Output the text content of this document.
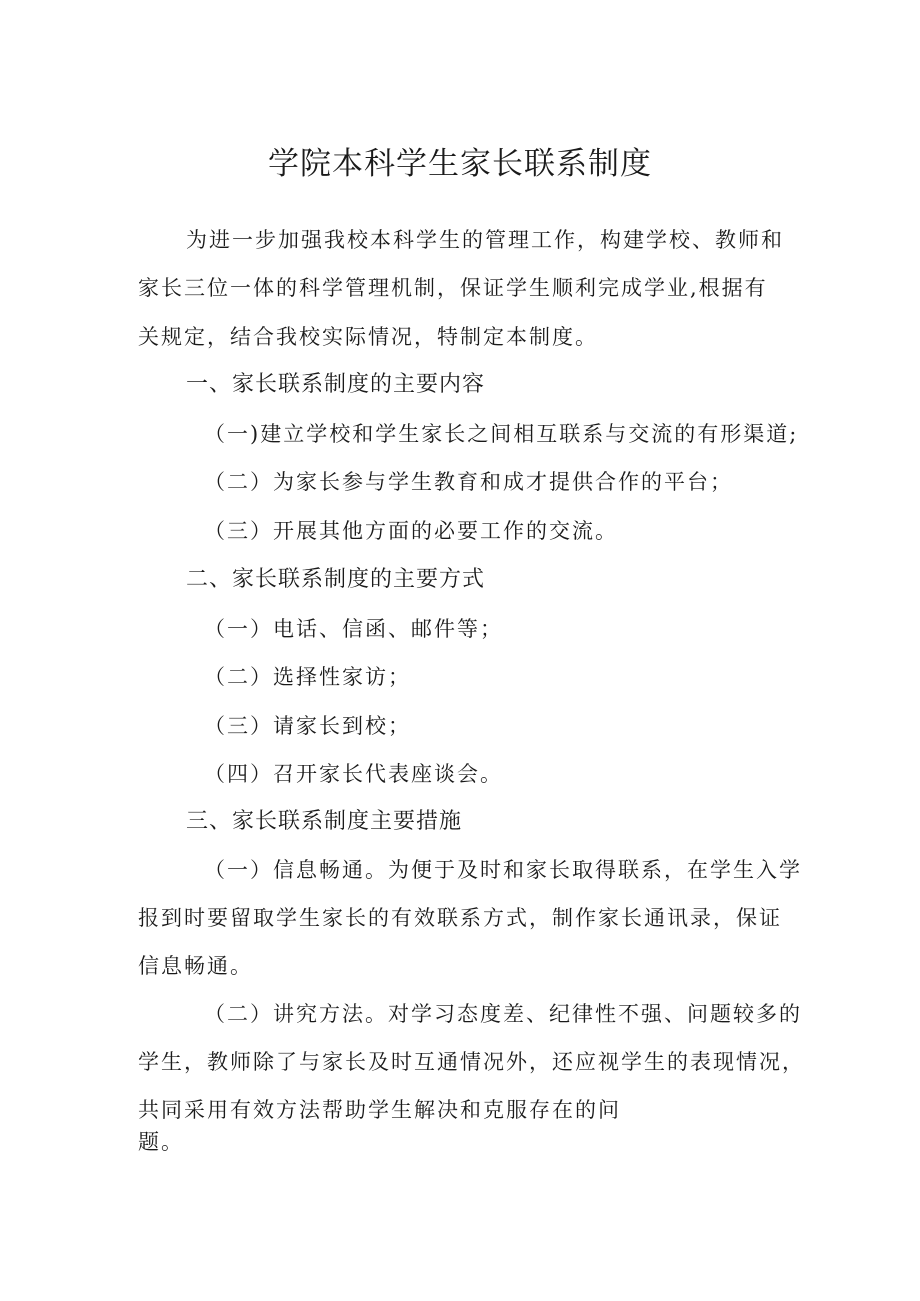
学院本科学生家长联系制度
为进一步加强我校本科学生的管理工作，构建学校、教师和
家长三位一体的科学管理机制，保证学生顺利完成学业,根据有
关规定，结合我校实际情况，特制定本制度。
一、家长联系制度的主要内容
（一)建立学校和学生家长之间相互联系与交流的有形渠道;
（二）为家长参与学生教育和成才提供合作的平台；
（三）开展其他方面的必要工作的交流。
二、家长联系制度的主要方式
（一）电话、信函、邮件等；
（二）选择性家访；
（三）请家长到校；
（四）召开家长代表座谈会。
三、家长联系制度主要措施
（一）信息畅通。为便于及时和家长取得联系，在学生入学
报到时要留取学生家长的有效联系方式，制作家长通讯录，保证
信息畅通。
（二）讲究方法。对学习态度差、纪律性不强、问题较多的
学生，教师除了与家长及时互通情况外，还应视学生的表现情况，
共同采用有效方法帮助学生解决和克服存在的问
题。
